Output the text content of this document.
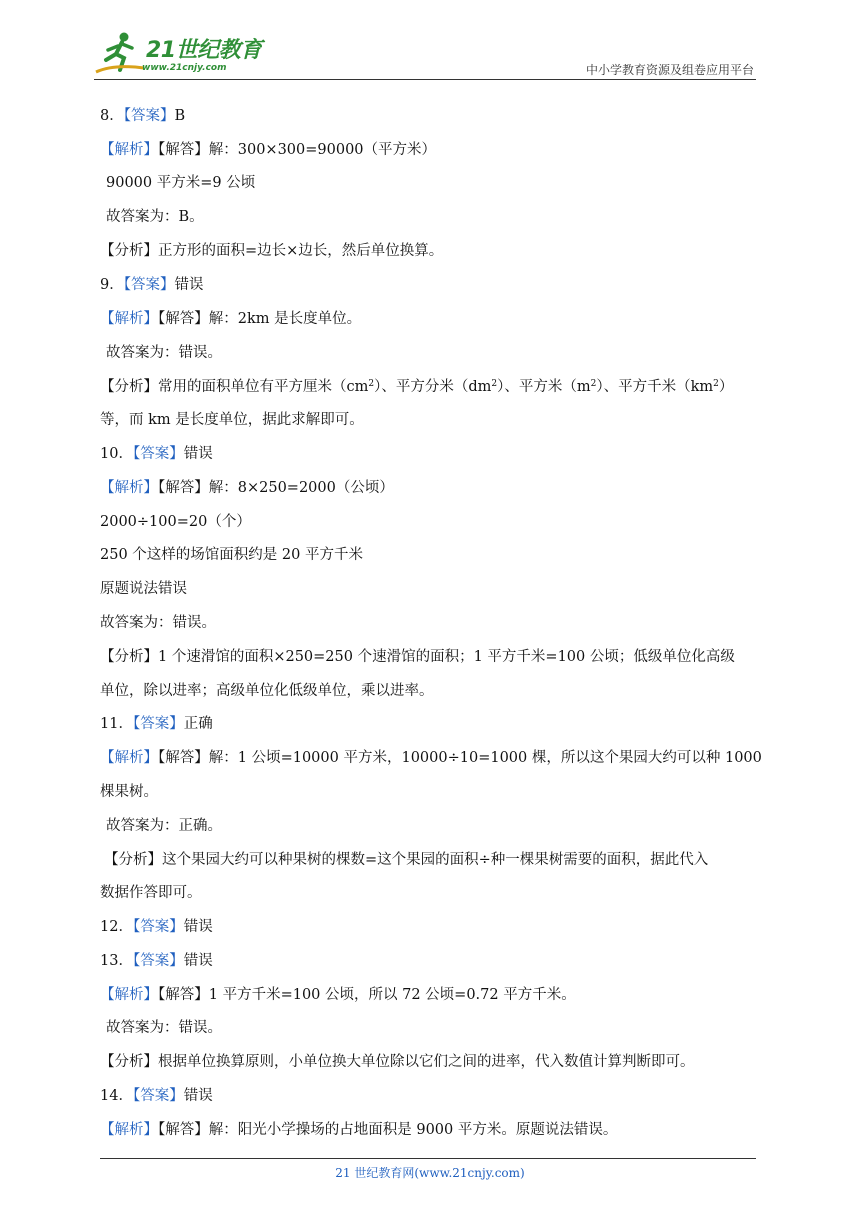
21世纪教育
www.21cnjy.com	中小学教育资源及组卷应用平台
8．【答案】B
【解析】【解答】解：300×300=90000（平方米）
90000 平方米=9 公顷
故答案为：B。
【分析】正方形的面积=边长×边长，然后单位换算。
9．【答案】错误
【解析】【解答】解：2km 是长度单位。
故答案为：错误。
【分析】常用的面积单位有平方厘米$(cm^2)$、平方分米$(dm^2)$、平方米$(m^2)$、平方千米$(km^2)$
等，而 km 是长度单位，据此求解即可。
10．【答案】错误
【解析】【解答】解：8×250=2000（公顷）
2000÷100=20（个）
250 个这样的场馆面积约是 20 平方千米
原题说法错误
故答案为：错误。
【分析】1 个速滑馆的面积×250=250 个速滑馆的面积；1 平方千米=100 公顷；低级单位化高级
单位，除以进率；高级单位化低级单位，乘以进率。
11．【答案】正确
【解析】【解答】解：1 公顷=10000 平方米，10000÷10=1000 棵，所以这个果园大约可以种 1000
棵果树。
故答案为：正确。
【分析】这个果园大约可以种果树的棵数=这个果园的面积÷种一棵果树需要的面积，据此代入
数据作答即可。
12．【答案】错误
13．【答案】错误
【解析】【解答】1 平方千米=100 公顷，所以 72 公顷=0.72 平方千米。
故答案为：错误。
【分析】根据单位换算原则，小单位换大单位除以它们之间的进率，代入数值计算判断即可。
14．【答案】错误
【解析】【解答】解：阳光小学操场的占地面积是 9000 平方米。原题说法错误。
21 世纪教育网(www.21cnjy.com)
